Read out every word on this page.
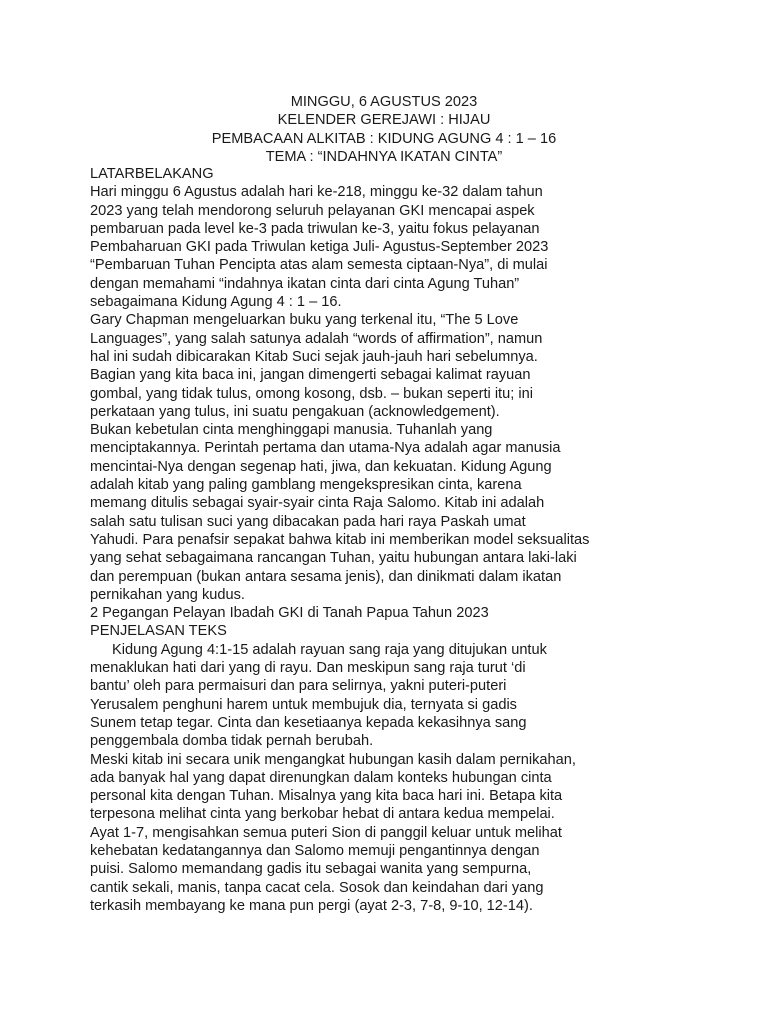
MINGGU, 6 AGUSTUS 2023
KELENDER GEREJAWI : HIJAU
PEMBACAAN ALKITAB : KIDUNG AGUNG 4 : 1 – 16
TEMA : “INDAHNYA IKATAN CINTA”
LATARBELAKANG
Hari minggu 6 Agustus adalah hari ke-218, minggu ke-32 dalam tahun
2023 yang telah mendorong seluruh pelayanan GKI mencapai aspek
pembaruan pada level ke-3 pada triwulan ke-3, yaitu fokus pelayanan
Pembaharuan GKI pada Triwulan ketiga Juli- Agustus-September 2023
“Pembaruan Tuhan Pencipta atas alam semesta ciptaan-Nya”, di mulai
dengan memahami “indahnya ikatan cinta dari cinta Agung Tuhan”
sebagaimana Kidung Agung 4 : 1 – 16.
Gary Chapman mengeluarkan buku yang terkenal itu, “The 5 Love
Languages”, yang salah satunya adalah “words of affirmation”, namun
hal ini sudah dibicarakan Kitab Suci sejak jauh-jauh hari sebelumnya.
Bagian yang kita baca ini, jangan dimengerti sebagai kalimat rayuan
gombal, yang tidak tulus, omong kosong, dsb. – bukan seperti itu; ini
perkataan yang tulus, ini suatu pengakuan (acknowledgement).
Bukan kebetulan cinta menghinggapi manusia. Tuhanlah yang
menciptakannya. Perintah pertama dan utama-Nya adalah agar manusia
mencintai-Nya dengan segenap hati, jiwa, dan kekuatan. Kidung Agung
adalah kitab yang paling gamblang mengekspresikan cinta, karena
memang ditulis sebagai syair-syair cinta Raja Salomo. Kitab ini adalah
salah satu tulisan suci yang dibacakan pada hari raya Paskah umat
Yahudi. Para penafsir sepakat bahwa kitab ini memberikan model seksualitas
yang sehat sebagaimana rancangan Tuhan, yaitu hubungan antara laki-laki
dan perempuan (bukan antara sesama jenis), dan dinikmati dalam ikatan
pernikahan yang kudus.
2 Pegangan Pelayan Ibadah GKI di Tanah Papua Tahun 2023
PENJELASAN TEKS
Kidung Agung 4:1-15 adalah rayuan sang raja yang ditujukan untuk
menaklukan hati dari yang di rayu. Dan meskipun sang raja turut ‘di
bantu’ oleh para permaisuri dan para selirnya, yakni puteri-puteri
Yerusalem penghuni harem untuk membujuk dia, ternyata si gadis
Sunem tetap tegar. Cinta dan kesetiaanya kepada kekasihnya sang
penggembala domba tidak pernah berubah.
Meski kitab ini secara unik mengangkat hubungan kasih dalam pernikahan,
ada banyak hal yang dapat direnungkan dalam konteks hubungan cinta
personal kita dengan Tuhan. Misalnya yang kita baca hari ini. Betapa kita
terpesona melihat cinta yang berkobar hebat di antara kedua mempelai.
Ayat 1-7, mengisahkan semua puteri Sion di panggil keluar untuk melihat
kehebatan kedatangannya dan Salomo memuji pengantinnya dengan
puisi. Salomo memandang gadis itu sebagai wanita yang sempurna,
cantik sekali, manis, tanpa cacat cela. Sosok dan keindahan dari yang
terkasih membayang ke mana pun pergi (ayat 2-3, 7-8, 9-10, 12-14).
